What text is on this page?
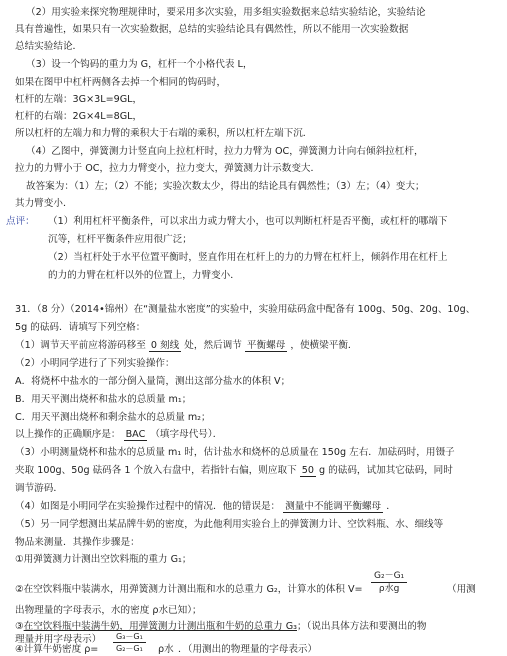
（2）用实验来探究物理规律时，要采用多次实验，用多组实验数据来总结实验结论，实验结论
具有普遍性，如果只有一次实验数据，总结的实验结论具有偶然性，所以不能用一次实验数据
总结实验结论．
（3）设一个钩码的重力为 G，杠杆一个小格代表 L，
如果在图甲中杠杆两侧各去掉一个相同的钩码时，
杠杆的左端：3G×3L=9GL，
杠杆的右端：2G×4L=8GL，
所以杠杆的左端力和力臂的乘积大于右端的乘积，所以杠杆左端下沉．
（4）乙图中，弹簧测力计竖直向上拉杠杆时，拉力力臂为 OC，弹簧测力计向右倾斜拉杠杆，
拉力的力臂小于 OC，拉力力臂变小，拉力变大，弹簧测力计示数变大．
故答案为：（1）左；（2）不能；实验次数太少，得出的结论具有偶然性；（3）左；（4）变大；
其力臂变小．
点评： （1）利用杠杆平衡条件，可以求出力或力臂大小，也可以判断杠杆是否平衡，或杠杆的哪端下
沉等，杠杆平衡条件应用很广泛；
（2）当杠杆处于水平位置平衡时，竖直作用在杠杆上的力的力臂在杠杆上，倾斜作用在杠杆上
的力的力臂在杠杆以外的位置上，力臂变小．
31．（8 分）（2014•锦州）在“测量盐水密度”的实验中，实验用砝码盒中配备有 100g、50g、20g、10g、
5g 的砝码．请填写下列空格：
（1）调节天平前应将游码移至 0 刻线 处，然后调节 平衡螺母 ，使横梁平衡．
（2）小明同学进行了下列实验操作：
A．将烧杯中盐水的一部分倒入量筒，测出这部分盐水的体积 V；
B．用天平测出烧杯和盐水的总质量 m₁；
C．用天平测出烧杯和剩余盐水的总质量 m₂；
以上操作的正确顺序是： BAC （填字母代号）．
（3）小明测量烧杯和盐水的总质量 m₁ 时，估计盐水和烧杯的总质量在 150g 左右．加砝码时，用镊子
夹取 100g、50g 砝码各 1 个放入右盘中，若指针右偏，则应取下 50 g 的砝码，试加其它砝码，同时
调节游码．
（4）如图是小明同学在实验操作过程中的情况．他的错误是： 测量中不能调平衡螺母 ．
（5）另一同学想测出某品牌牛奶的密度，为此他利用实验台上的弹簧测力计、空饮料瓶、水、细线等
物品来测量．其操作步骤是：
①用弹簧测力计测出空饮料瓶的重力 G₁；
②在空饮料瓶中装满水，用弹簧测力计测出瓶和水的总重力 G₂，计算水的体积 V=
G₂－G₁
ρ水g	（用测
出物理量的字母表示，水的密度 ρ水已知）；
③在空饮料瓶中装满牛奶，用弹簧测力计测出瓶和牛奶的总重力 G₃；（说出具体方法和要测出的物
理量并用字母表示）
④计算牛奶密度 $\rho= \frac{\text{G₃－G₁}}{\text{G₂－G₁}}$ ρ水 ．（用测出的物理量的字母表示）
